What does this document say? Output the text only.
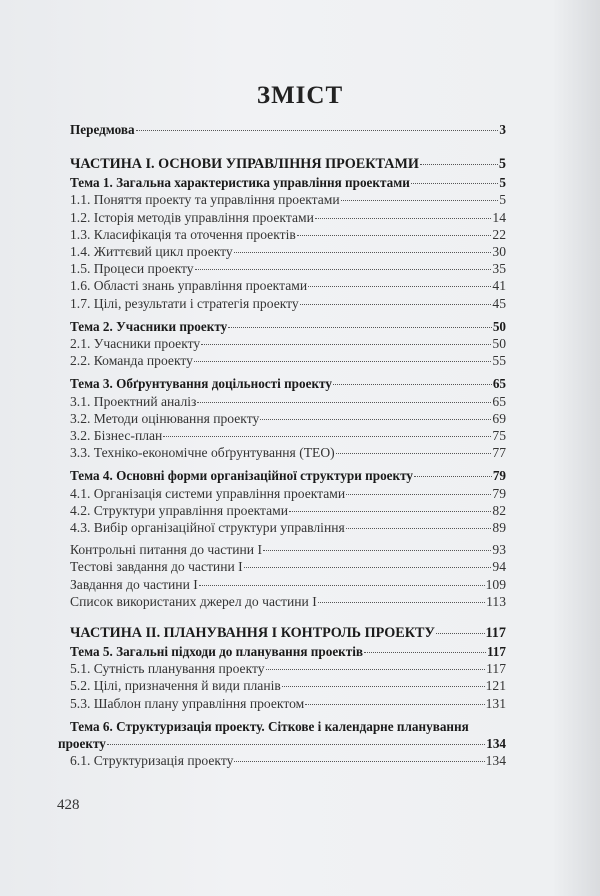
ЗМІСТ
Передмова	3
ЧАСТИНА І. ОСНОВИ УПРАВЛІННЯ ПРОЕКТАМИ	5
Тема 1. Загальна характеристика управління проектами	5
1.1. Поняття проекту та управління проектами	5
1.2. Історія методів управління проектами	14
1.3. Класифікація та оточення проектів	22
1.4. Життєвий цикл проекту	30
1.5. Процеси проекту	35
1.6. Області знань управління проектами	41
1.7. Цілі, результати і стратегія проекту	45
Тема 2. Учасники проекту	50
2.1. Учасники проекту	50
2.2. Команда проекту	55
Тема 3. Обґрунтування доцільності проекту	65
3.1. Проектний аналіз	65
3.2. Методи оцінювання проекту	69
3.2. Бізнес-план	75
3.3. Техніко-економічне обґрунтування (ТЕО)	77
Тема 4. Основні форми організаційної структури проекту	79
4.1. Організація системи управління проектами	79
4.2. Структури управління проектами	82
4.3. Вибір організаційної структури управління	89
Контрольні питання до частини І	93
Тестові завдання до частини І	94
Завдання до частини І	109
Список використаних джерел до частини І	113
ЧАСТИНА ІІ. ПЛАНУВАННЯ І КОНТРОЛЬ ПРОЕКТУ	117
Тема 5. Загальні підходи до планування проектів	117
5.1. Сутність планування проекту	117
5.2. Цілі, призначення й види планів	121
5.3. Шаблон плану управління проектом	131
Тема 6. Структуризація проекту. Сіткове і календарне планування
проекту	134
6.1. Структуризація проекту	134
428
